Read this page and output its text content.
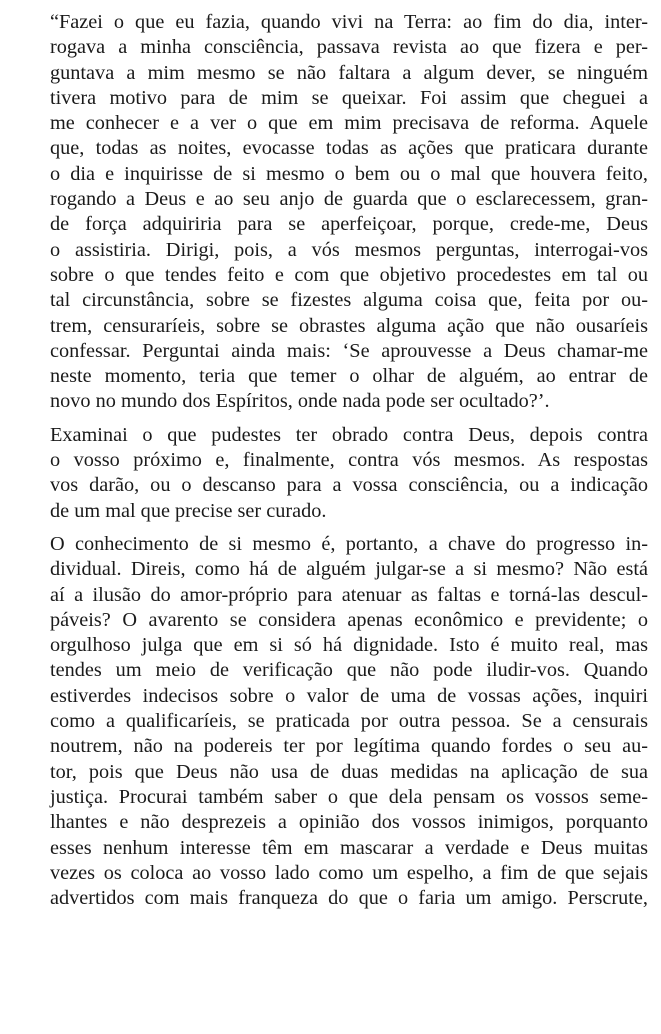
“Fazei o que eu fazia, quando vivi na Terra: ao fim do dia, inter-
rogava a minha consciência, passava revista ao que fizera e per-
guntava a mim mesmo se não faltara a algum dever, se ninguém
tivera motivo para de mim se queixar. Foi assim que cheguei a
me conhecer e a ver o que em mim precisava de reforma. Aquele
que, todas as noites, evocasse todas as ações que praticara durante
o dia e inquirisse de si mesmo o bem ou o mal que houvera feito,
rogando a Deus e ao seu anjo de guarda que o esclarecessem, gran-
de força adquiriria para se aperfeiçoar, porque, crede-me, Deus
o assistiria. Dirigi, pois, a vós mesmos perguntas, interrogai-vos
sobre o que tendes feito e com que objetivo procedestes em tal ou
tal circunstância, sobre se fizestes alguma coisa que, feita por ou-
trem, censuraríeis, sobre se obrastes alguma ação que não ousaríeis
confessar. Perguntai ainda mais: ‘Se aprouvesse a Deus chamar-me
neste momento, teria que temer o olhar de alguém, ao entrar de
novo no mundo dos Espíritos, onde nada pode ser ocultado?’.
Examinai o que pudestes ter obrado contra Deus, depois contra
o vosso próximo e, finalmente, contra vós mesmos. As respostas
vos darão, ou o descanso para a vossa consciência, ou a indicação
de um mal que precise ser curado.
O conhecimento de si mesmo é, portanto, a chave do progresso in-
dividual. Direis, como há de alguém julgar-se a si mesmo? Não está
aí a ilusão do amor-próprio para atenuar as faltas e torná-las descul-
páveis? O avarento se considera apenas econômico e previdente; o
orgulhoso julga que em si só há dignidade. Isto é muito real, mas
tendes um meio de verificação que não pode iludir-vos. Quando
estiverdes indecisos sobre o valor de uma de vossas ações, inquiri
como a qualificaríeis, se praticada por outra pessoa. Se a censurais
noutrem, não na podereis ter por legítima quando fordes o seu au-
tor, pois que Deus não usa de duas medidas na aplicação de sua
justiça. Procurai também saber o que dela pensam os vossos seme-
lhantes e não desprezeis a opinião dos vossos inimigos, porquanto
esses nenhum interesse têm em mascarar a verdade e Deus muitas
vezes os coloca ao vosso lado como um espelho, a fim de que sejais
advertidos com mais franqueza do que o faria um amigo. Perscrute,
